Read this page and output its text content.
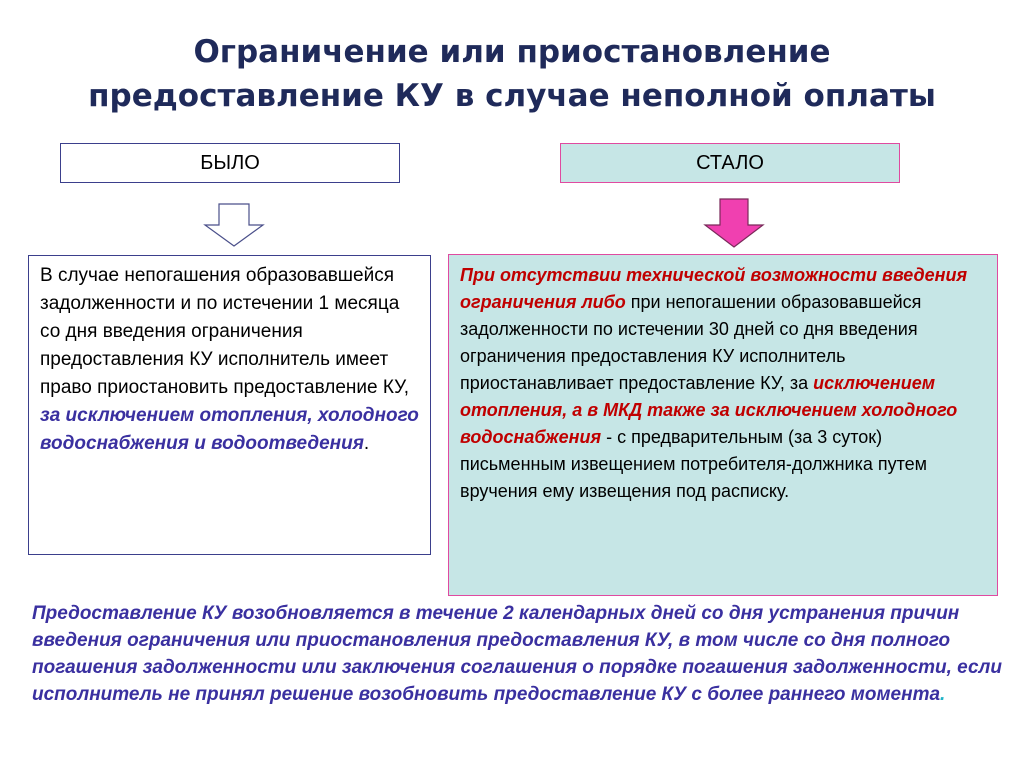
Ограничение или приостановление
предоставление КУ в случае неполной оплаты
БЫЛО	СТАЛО
В случае непогашения образовавшейся задолженности и по истечении 1 месяца со дня введения ограничения предоставления КУ исполнитель имеет право приостановить предоставление КУ, за исключением отопления, холодного водоснабжения и водоотведения.
При отсутствии технической возможности введения ограничения либо при непогашении образовавшейся задолженности по истечении 30 дней со дня введения ограничения предоставления КУ исполнитель приостанавливает предоставление КУ, за исключением отопления, а в МКД также за исключением холодного водоснабжения - с предварительным (за 3 суток) письменным извещением потребителя-должника путем вручения ему извещения под расписку.
Предоставление КУ возобновляется в течение 2 календарных дней со дня устранения причин введения ограничения или приостановления предоставления КУ, в том числе со дня полного погашения задолженности или заключения соглашения о порядке погашения задолженности, если исполнитель не принял решение возобновить предоставление КУ с более раннего момента.
